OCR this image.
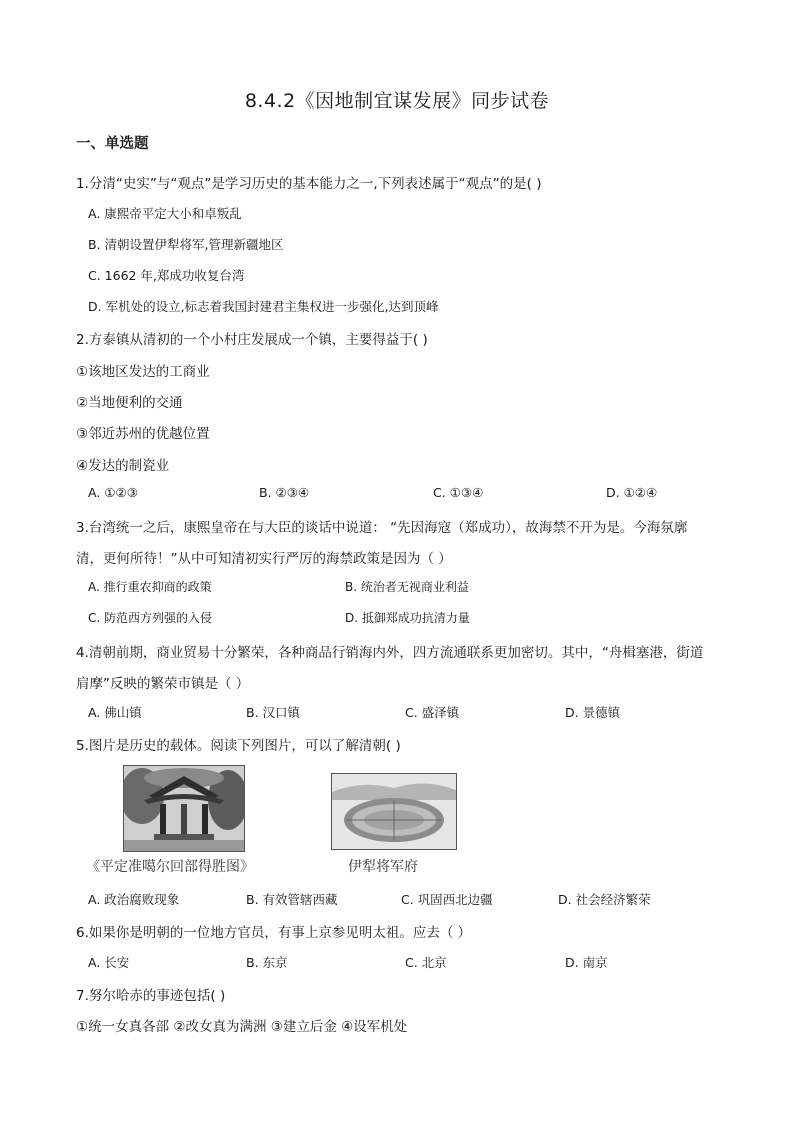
8.4.2《因地制宜谋发展》同步试卷
一、单选题
1.分清“史实”与“观点”是学习历史的基本能力之一,下列表述属于“观点”的是( )
A. 康熙帝平定大小和卓叛乱
B. 清朝设置伊犁将军,管理新疆地区
C. 1662 年,郑成功收复台湾
D. 军机处的设立,标志着我国封建君主集权进一步强化,达到顶峰
2.方泰镇从清初的一个小村庄发展成一个镇，主要得益于( )
①该地区发达的工商业
②当地便利的交通
③邻近苏州的优越位置
④发达的制瓷业
A. ①②③	B. ②③④	C. ①③④	D. ①②④
3.台湾统一之后，康熙皇帝在与大臣的谈话中说道： “先因海寇（郑成功），故海禁不开为是。今海氛廓
清，更何所待！”从中可知清初实行严厉的海禁政策是因为（ ）
A. 推行重农抑商的政策	B. 统治者无视商业利益
C. 防范西方列强的入侵	D. 抵御郑成功抗清力量
4.清朝前期，商业贸易十分繁荣，各种商品行销海内外，四方流通联系更加密切。其中，“舟楫塞港，街道
肩摩”反映的繁荣市镇是（ ）
A. 佛山镇	B. 汉口镇	C. 盛泽镇	D. 景德镇
5.图片是历史的载体。阅读下列图片，可以了解清朝( )
《平定准噶尔回部得胜图》	伊犁将军府
A. 政治腐败现象	B. 有效管辖西藏	C. 巩固西北边疆	D. 社会经济繁荣
6.如果你是明朝的一位地方官员，有事上京参见明太祖。应去（ ）
A. 长安	B. 东京	C. 北京	D. 南京
7.努尔哈赤的事迹包括( )
①统一女真各部 ②改女真为满洲 ③建立后金 ④设军机处
